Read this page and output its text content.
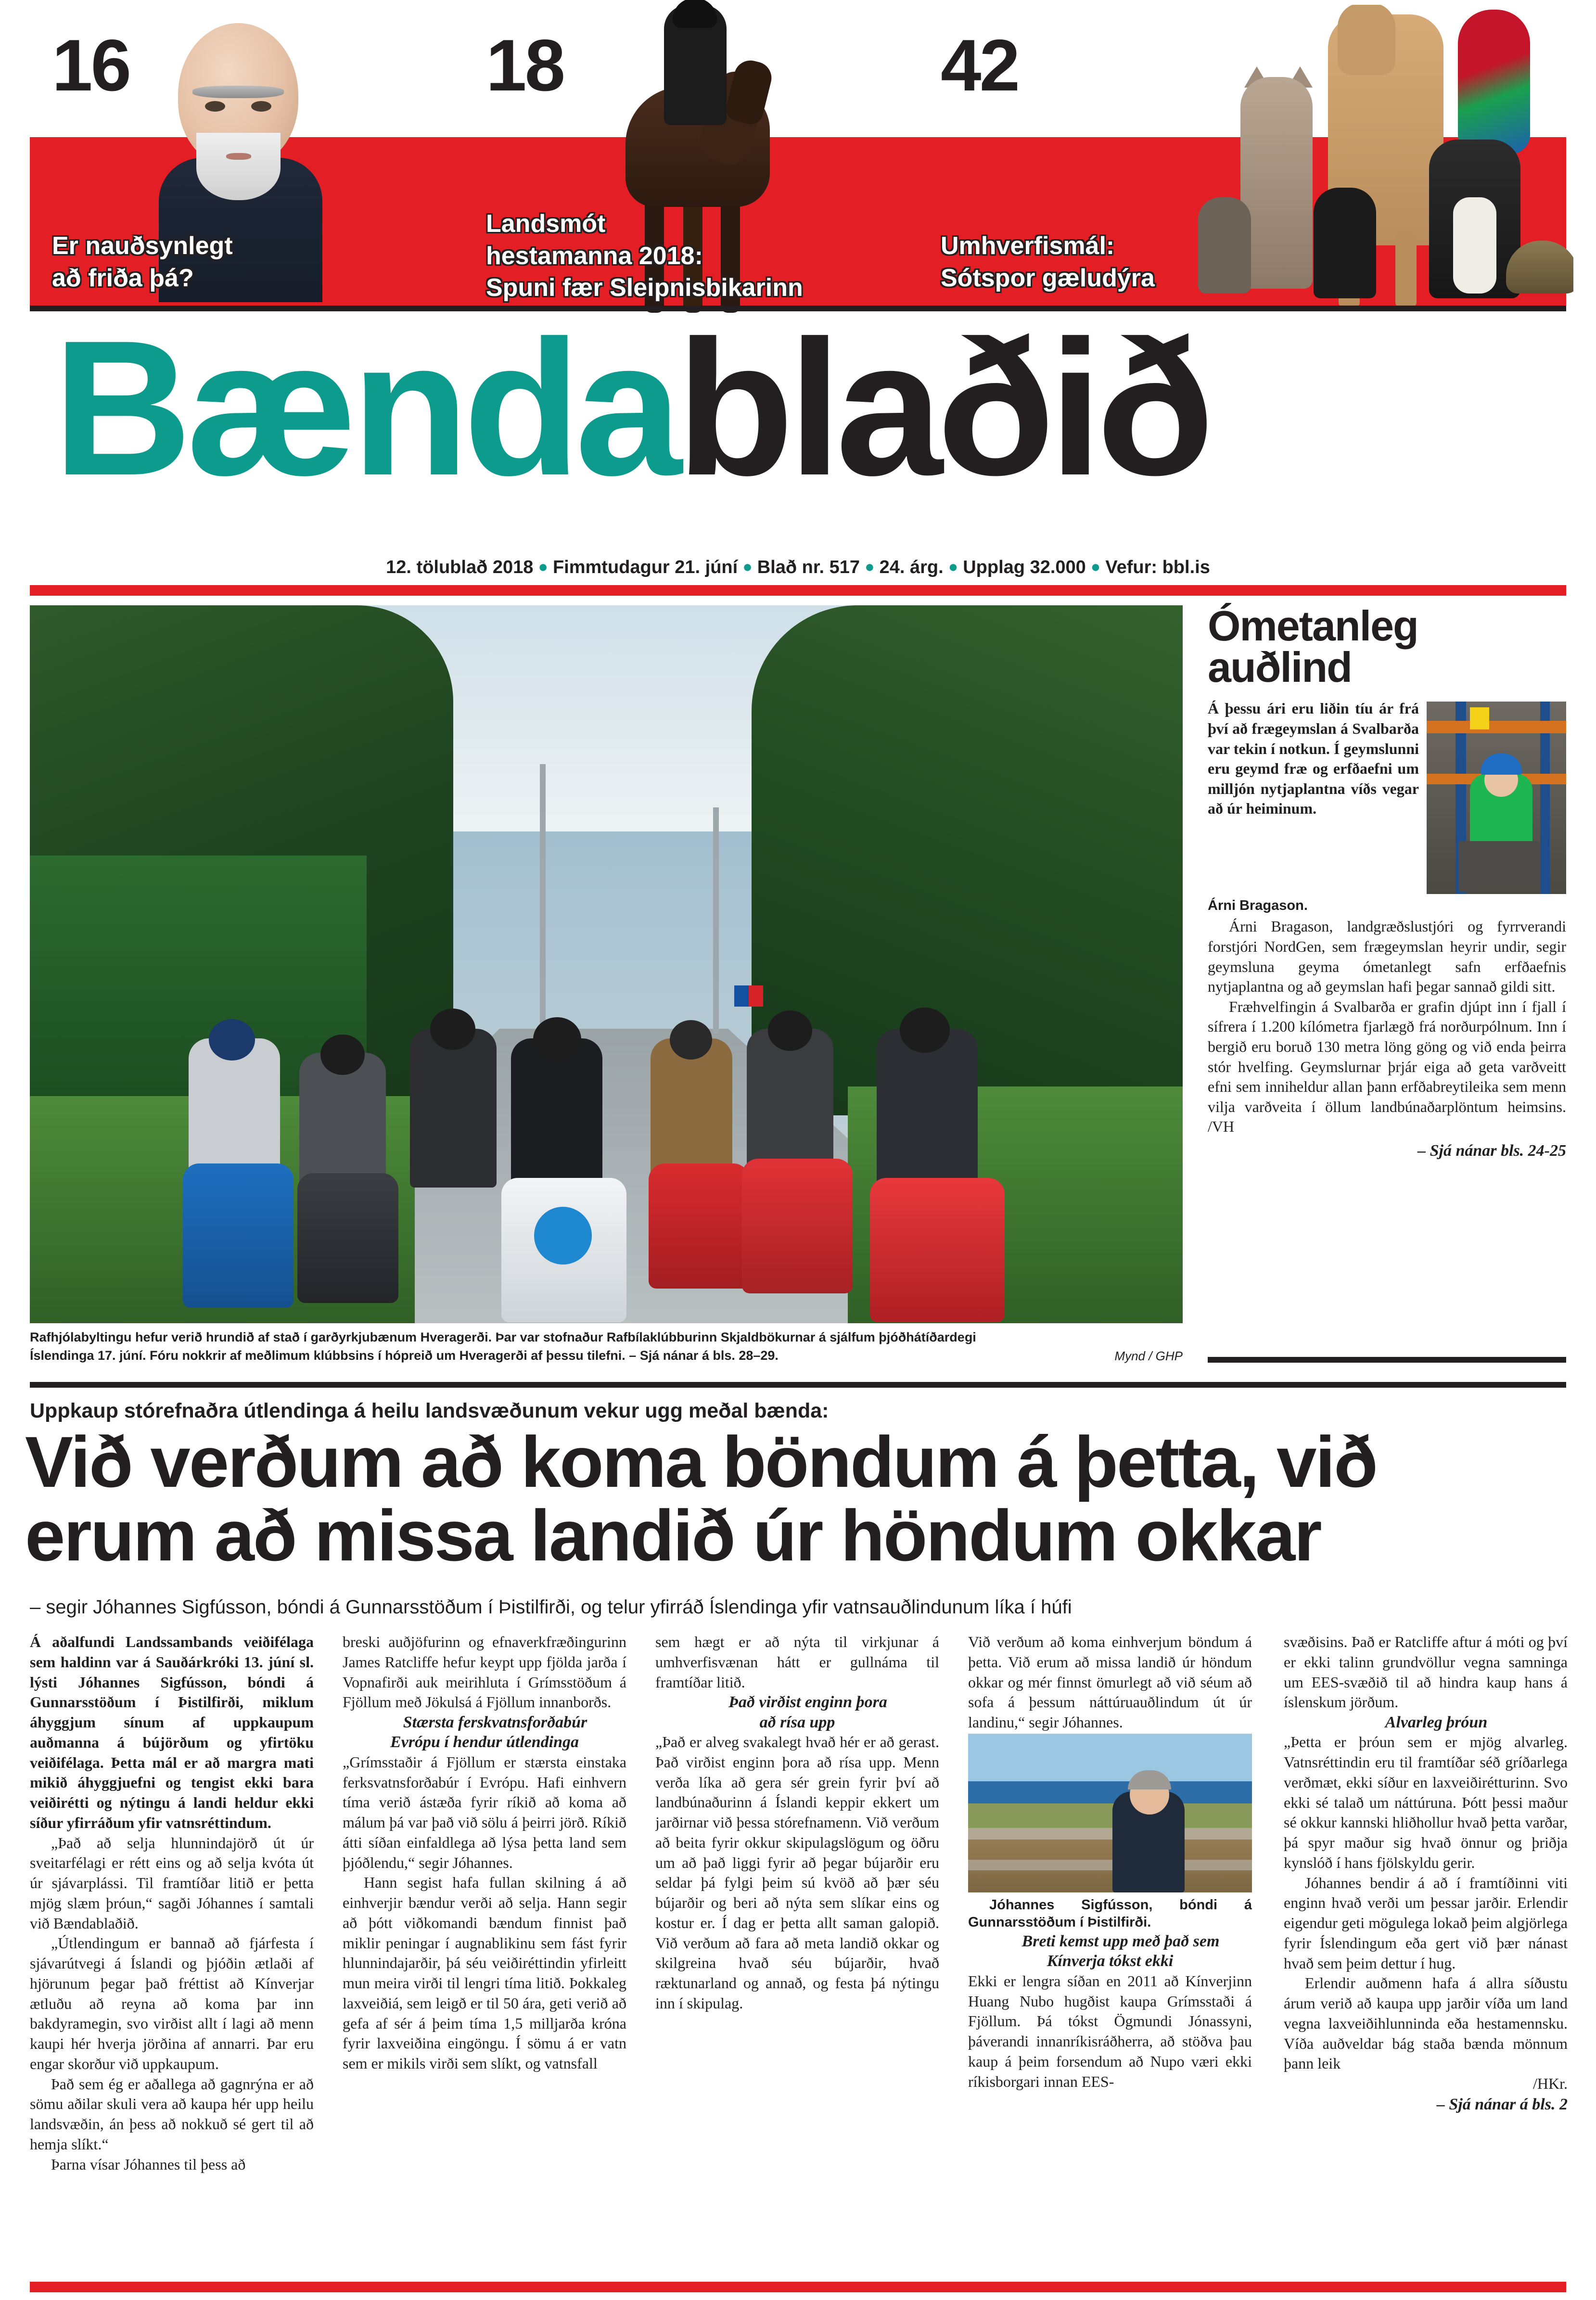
16	18	42
Er nauðsynlegt
að friða þá?
Landsmót
hestamanna 2018:
Spuni fær Sleipnisbikarinn
Umhverfismál:
Sótspor gæludýra
Bændablaðið
12. tölublað 2018 ● Fimmtudagur 21. júní ● Blað nr. 517 ● 24. árg. ● Upplag 32.000 ● Vefur: bbl.is
Rafhjólabyltingu hefur verið hrundið af stað í garðyrkjubænum Hveragerði. Þar var stofnaður Rafbílaklúbburinn Skjaldbökurnar á sjálfum þjóðhátíðardegi
Íslendinga 17. júní. Fóru nokkrir af meðlimum klúbbsins í hópreið um Hveragerði af þessu tilefni. – Sjá nánar á bls. 28–29.	Mynd / GHP
Ómetanleg
auðlind
Á þessu ári eru liðin tíu ár frá því að frægeymslan á Svalbarða var tekin í notkun. Í geymslunni eru geymd fræ og erfðaefni um milljón nytjaplantna víðs vegar að úr heiminum.
Árni Bragason.

Árni Bragason, landgræðslustjóri og fyrrverandi forstjóri NordGen, sem frægeymslan heyrir undir, segir geymsluna geyma ómetanlegt safn erfðaefnis nytjaplantna og að geymslan hafi þegar sannað gildi sitt.

Fræhvelfingin á Svalbarða er grafin djúpt inn í fjall í sífrera í 1.200 kílómetra fjarlægð frá norðurpólnum. Inn í bergið eru boruð 130 metra löng göng og við enda þeirra stór hvelfing. Geymslurnar þrjár eiga að geta varðveitt efni sem inniheldur allan þann erfðabreytileika sem menn vilja varðveita í öllum landbúnaðarplöntum heimsins. /VH

– Sjá nánar bls. 24-25
Uppkaup stórefnaðra útlendinga á heilu landsvæðunum vekur ugg meðal bænda:
Við verðum að koma böndum á þetta, við
erum að missa landið úr höndum okkar
– segir Jóhannes Sigfússon, bóndi á Gunnarsstöðum í Þistilfirði, og telur yfirráð Íslendinga yfir vatnsauðlindunum líka í húfi

Á aðalfundi Landssambands veiðifélaga sem haldinn var á Sauðárkróki 13. júní sl. lýsti Jóhannes Sigfússon, bóndi á Gunnarsstöðum í Þistilfirði, miklum áhyggjum sínum af uppkaupum auðmanna á bújörðum og yfirtöku veiðifélaga. Þetta mál er að margra mati mikið áhyggjuefni og tengist ekki bara veiðirétti og nýtingu á landi heldur ekki síður yfirráðum yfir vatnsréttindum.

„Það að selja hlunnindajörð út úr sveitarfélagi er rétt eins og að selja kvóta út úr sjávarplássi. Til framtíðar litið er þetta mjög slæm þróun,“ sagði Jóhannes í samtali við Bændablaðið.

„Útlendingum er bannað að fjárfesta í sjávarútvegi á Íslandi og þjóðin ætlaði af hjörunum þegar það fréttist að Kínverjar ætluðu að reyna að koma þar inn bakdyramegin, svo virðist allt í lagi að menn kaupi hér hverja jörðina af annarri. Þar eru engar skorður við uppkaupum.

Það sem ég er aðallega að gagnrýna er að sömu aðilar skuli vera að kaupa hér upp heilu landsvæðin, án þess að nokkuð sé gert til að hemja slíkt.“

Þarna vísar Jóhannes til þess að

breski auðjöfurinn og efnaverkfræðingurinn James Ratcliffe hefur keypt upp fjölda jarða í Vopnafirði auk meirihluta í Grímsstöðum á Fjöllum með Jökulsá á Fjöllum innanborðs.

Stærsta ferskvatnsforðabúr
Evrópu í hendur útlendinga

„Grímsstaðir á Fjöllum er stærsta einstaka ferksvatnsforðabúr í Evrópu. Hafi einhvern tíma verið ástæða fyrir ríkið að koma að málum þá var það við sölu á þeirri jörð. Ríkið átti síðan einfaldlega að lýsa þetta land sem þjóðlendu,“ segir Jóhannes.

Hann segist hafa fullan skilning á að einhverjir bændur verði að selja. Hann segir að þótt viðkomandi bændum finnist það miklir peningar í augnablikinu sem fást fyrir hlunnindajarðir, þá séu veiðiréttindin yfirleitt mun meira virði til lengri tíma litið. Þokkaleg laxveiðiá, sem leigð er til 50 ára, geti verið að gefa af sér á þeim tíma 1,5 milljarða króna fyrir laxveiðina eingöngu. Í sömu á er vatn sem er mikils virði sem slíkt, og vatnsfall

sem hægt er að nýta til virkjunar á umhverfisvænan hátt er gullnáma til framtíðar litið.

Það virðist enginn þora
að rísa upp

„Það er alveg svakalegt hvað hér er að gerast. Það virðist enginn þora að rísa upp. Menn verða líka að gera sér grein fyrir því að landbúnaðurinn á Íslandi keppir ekkert um jarðirnar við þessa stórefnamenn. Við verðum að beita fyrir okkur skipulagslögum og öðru um að það liggi fyrir að þegar bújarðir eru seldar þá fylgi þeim sú kvöð að þær séu bújarðir og beri að nýta sem slíkar eins og kostur er. Í dag er þetta allt saman galopið. Við verðum að fara að meta landið okkar og skilgreina hvað séu bújarðir, hvað ræktunarland og annað, og festa þá nýtingu inn í skipulag.

Við verðum að koma einhverjum böndum á þetta. Við erum að missa landið úr höndum okkar og mér finnst ömurlegt að við séum að sofa á þessum náttúruauðlindum út úr landinu,“ segir Jóhannes.

Jóhannes Sigfússon, bóndi á Gunnarsstöðum í Þistilfirði.

Breti kemst upp með það sem
Kínverja tókst ekki

Ekki er lengra síðan en 2011 að Kínverjinn Huang Nubo hugðist kaupa Grímsstaði á Fjöllum. Þá tókst Ögmundi Jónassyni, þáverandi innanríkisráðherra, að stöðva þau kaup á þeim forsendum að Nupo væri ekki ríkisborgari innan EES-

svæðisins. Það er Ratcliffe aftur á móti og því er ekki talinn grundvöllur vegna samninga um EES-svæðið til að hindra kaup hans á íslenskum jörðum.

Alvarleg þróun

„Þetta er þróun sem er mjög alvarleg. Vatnsréttindin eru til framtíðar séð gríðarlega verðmæt, ekki síður en laxveiðirétturinn. Svo ekki sé talað um náttúruna. Þótt þessi maður sé okkur kannski hliðhollur hvað þetta varðar, þá spyr maður sig hvað önnur og þriðja kynslóð í hans fjölskyldu gerir.

Jóhannes bendir á að í framtíðinni viti enginn hvað verði um þessar jarðir. Erlendir eigendur geti mögulega lokað þeim algjörlega fyrir Íslendingum eða gert við þær nánast hvað sem þeim dettur í hug.

Erlendir auðmenn hafa á allra síðustu árum verið að kaupa upp jarðir víða um land vegna laxveiðihlunninda eða hestamennsku. Víða auðveldar bág staða bænda mönnum þann leik

/HKr.

– Sjá nánar á bls. 2
